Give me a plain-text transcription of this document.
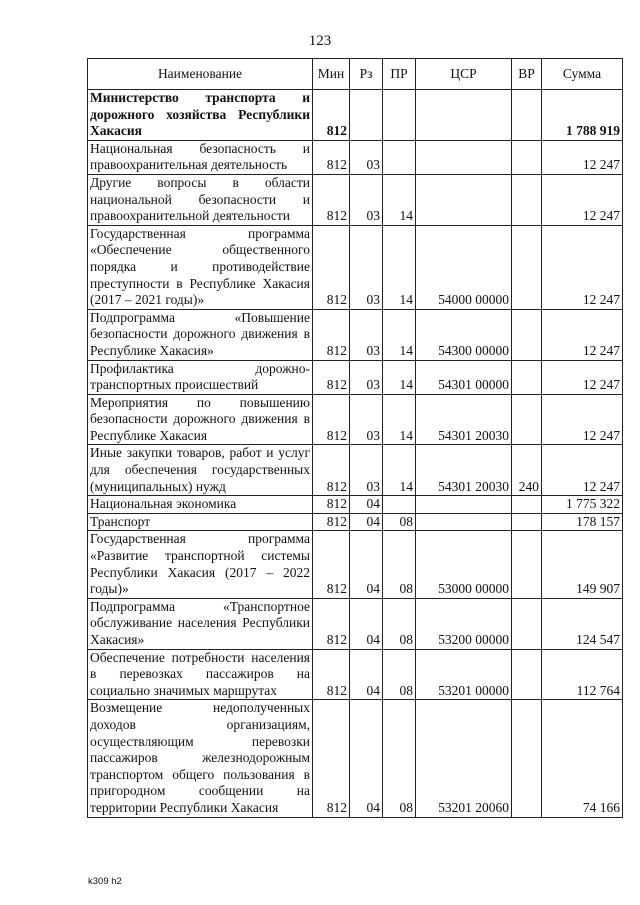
123
Наименование	Мин	Рз	ПР	ЦСР	ВР	Сумма
Министерство транспорта и дорожного хозяйства Республики Хакасия	812					1 788 919
Национальная безопасность и правоохранительная деятельность	812	03				12 247
Другие вопросы в области национальной безопасности и правоохранительной деятельности	812	03	14			12 247
Государственная программа «Обеспечение общественного порядка и противодействие преступности в Республике Хакасия (2017 – 2021 годы)»	812	03	14	54000 00000		12 247
Подпрограмма «Повышение безопасности дорожного движения в Республике Хакасия»	812	03	14	54300 00000		12 247
Профилактика дорожно-транспортных происшествий	812	03	14	54301 00000		12 247
Мероприятия по повышению безопасности дорожного движения в Республике Хакасия	812	03	14	54301 20030		12 247
Иные закупки товаров, работ и услуг для обеспечения государственных (муниципальных) нужд	812	03	14	54301 20030	240	12 247
Национальная экономика	812	04				1 775 322
Транспорт	812	04	08			178 157
Государственная программа «Развитие транспортной системы Республики Хакасия (2017 – 2022 годы)»	812	04	08	53000 00000		149 907
Подпрограмма «Транспортное обслуживание населения Республики Хакасия»	812	04	08	53200 00000		124 547
Обеспечение потребности населения в перевозках пассажиров на социально значимых маршрутах	812	04	08	53201 00000		112 764
Возмещение недополученных доходов организациям, осуществляющим перевозки пассажиров железнодорожным транспортом общего пользования в пригородном сообщении на территории Республики Хакасия	812	04	08	53201 20060		74 166
k309 h2
